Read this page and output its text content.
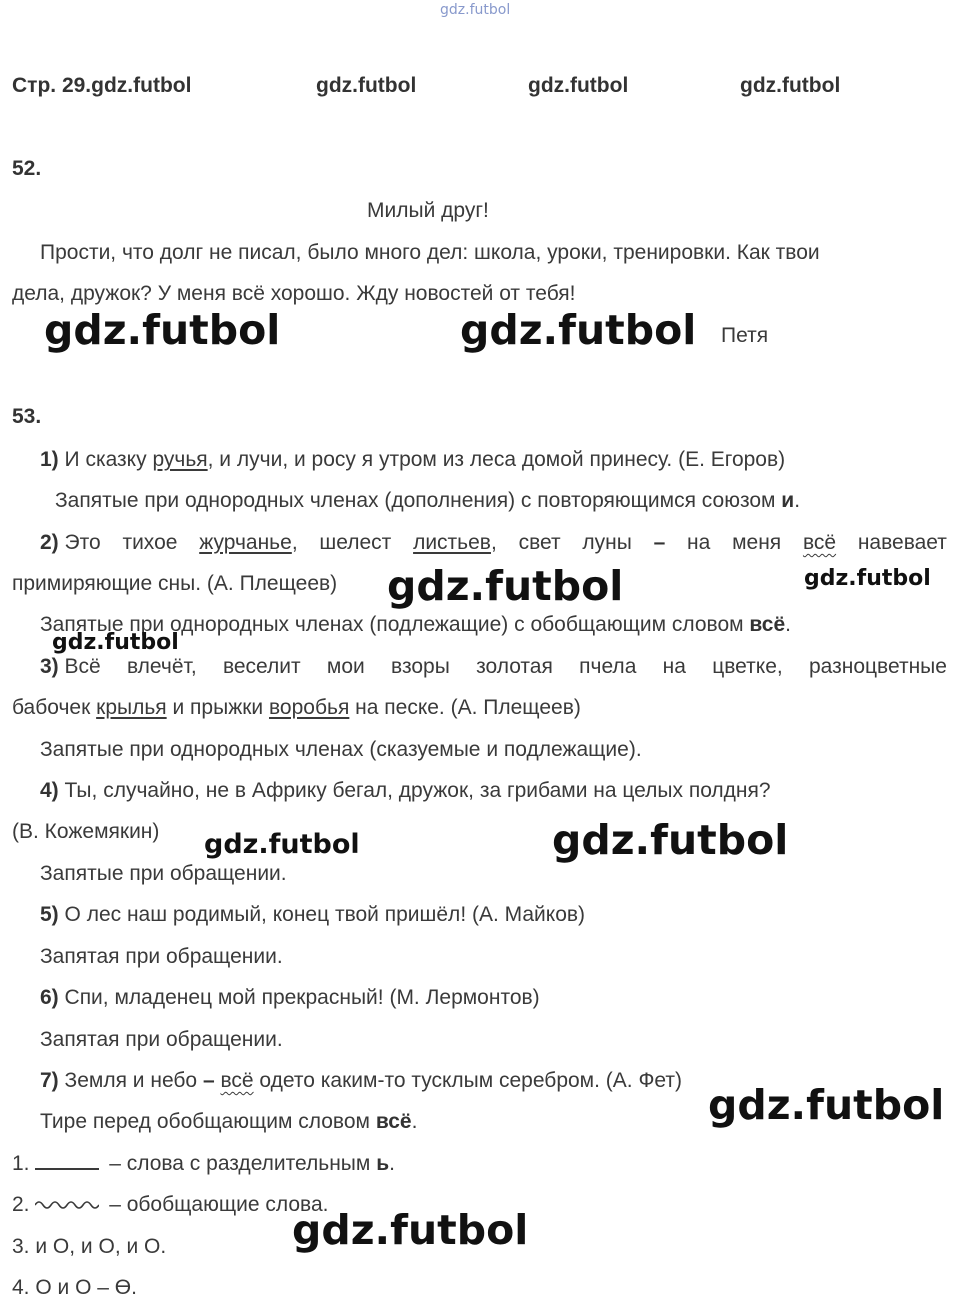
gdz.futbol
Стр. 29.gdz.futbol	gdz.futbol	gdz.futbol	gdz.futbol
52.
Милый друг!
Прости, что долг не писал, было много дел: школа, уроки, тренировки. Как твои
дела, дружок? У меня всё хорошо. Жду новостей от тебя!
Петя
gdz.futbol	gdz.futbol
53.
1) И сказку ручья, и лучи, и росу я утром из леса домой принесу. (Е. Егоров)
Запятые при однородных членах (дополнения) с повторяющимся союзом и.
2) Это тихое журчанье, шелест листьев, свет луны – на меня всё навевает
примиряющие сны. (А. Плещеев) gdz.futbol	gdz.futbol
Запятые при однородных членах (подлежащие) с обобщающим словом всё.
gdz.futbol
3) Всё влечёт, веселит мои взоры золотая пчела на цветке, разноцветные
бабочек крылья и прыжки воробья на песке. (А. Плещеев)
Запятые при однородных членах (сказуемые и подлежащие).
4) Ты, случайно, не в Африку бегал, дружок, за грибами на целых полдня?
(В. Кожемякин) gdz.futbol	gdz.futbol
Запятые при обращении.
5) О лес наш родимый, конец твой пришёл! (А. Майков)
Запятая при обращении.
6) Спи, младенец мой прекрасный! (М. Лермонтов)
Запятая при обращении.
7) Земля и небо – всё одето каким-то тусклым серебром. (А. Фет)
Тире перед обобщающим словом всё.	gdz.futbol
1.	– слова с разделительным ь.
2.	– обобщающие слова.
gdz.futbol
3. и О, и О, и О.
4. О и О – Ө.
